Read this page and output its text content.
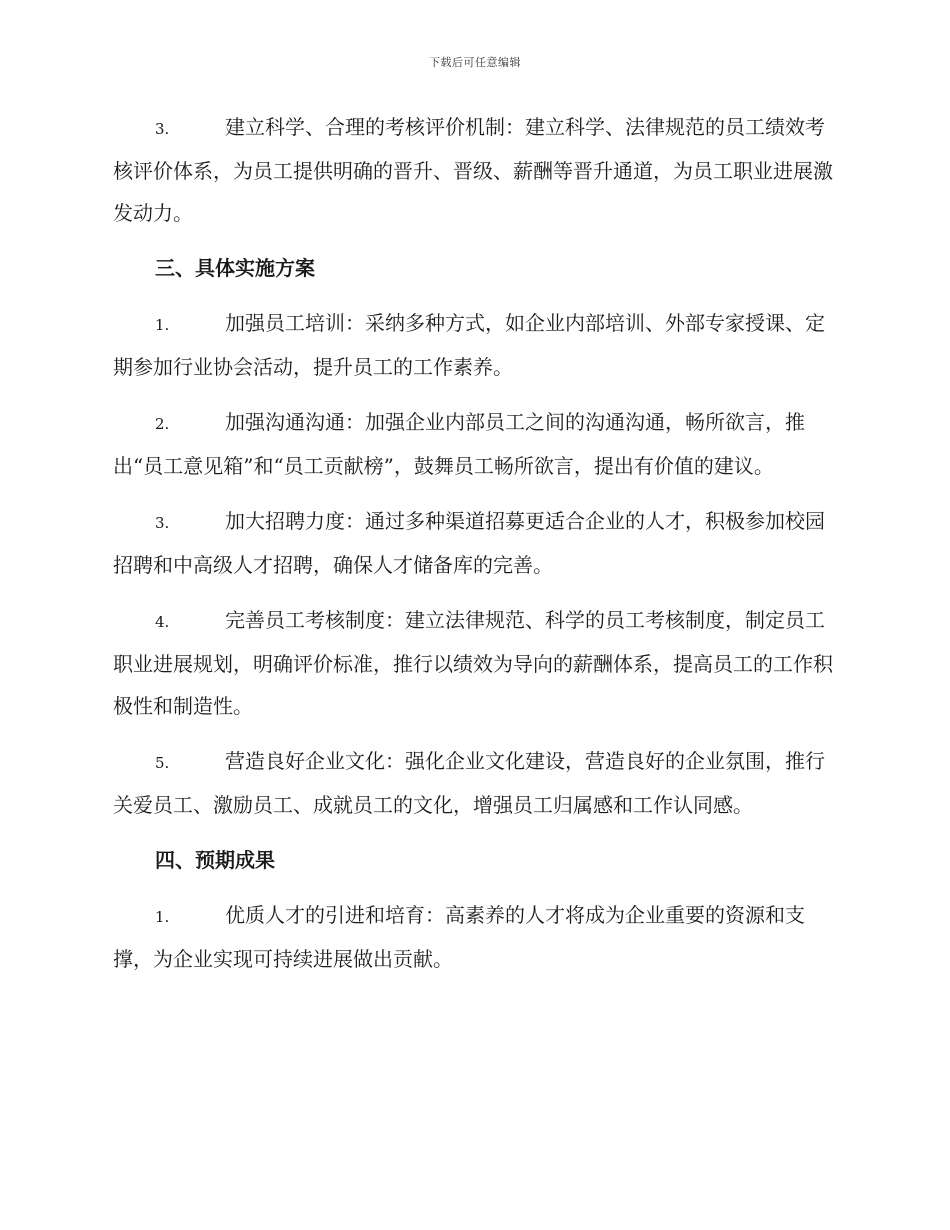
下载后可任意编辑

3.	建立科学、合理的考核评价机制：建立科学、法律规范的员工绩效考核评价体系，为员工提供明确的晋升、晋级、薪酬等晋升通道，为员工职业进展激发动力。

三、具体实施方案

1.	加强员工培训：采纳多种方式，如企业内部培训、外部专家授课、定期参加行业协会活动，提升员工的工作素养。

2.	加强沟通沟通：加强企业内部员工之间的沟通沟通，畅所欲言，推出“员工意见箱”和“员工贡献榜”，鼓舞员工畅所欲言，提出有价值的建议。

3.	加大招聘力度：通过多种渠道招募更适合企业的人才，积极参加校园招聘和中高级人才招聘，确保人才储备库的完善。

4.	完善员工考核制度：建立法律规范、科学的员工考核制度，制定员工职业进展规划，明确评价标准，推行以绩效为导向的薪酬体系，提高员工的工作积极性和制造性。

5.	营造良好企业文化：强化企业文化建设，营造良好的企业氛围，推行关爱员工、激励员工、成就员工的文化，增强员工归属感和工作认同感。

四、预期成果

1.	优质人才的引进和培育：高素养的人才将成为企业重要的资源和支撑，为企业实现可持续进展做出贡献。
